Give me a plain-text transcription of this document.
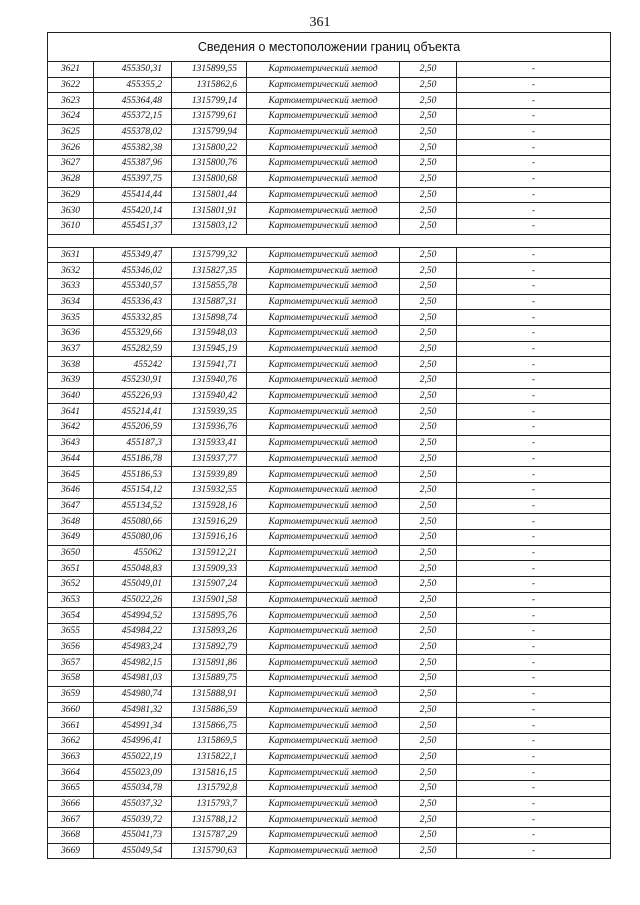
361
Сведения о местоположении границ объекта					
3621	455350,31	1315899,55	Картометрический метод	2,50	-
3622	455355,2	1315862,6	Картометрический метод	2,50	-
3623	455364,48	1315799,14	Картометрический метод	2,50	-
3624	455372,15	1315799,61	Картометрический метод	2,50	-
3625	455378,02	1315799,94	Картометрический метод	2,50	-
3626	455382,38	1315800,22	Картометрический метод	2,50	-
3627	455387,96	1315800,76	Картометрический метод	2,50	-
3628	455397,75	1315800,68	Картометрический метод	2,50	-
3629	455414,44	1315801,44	Картометрический метод	2,50	-
3630	455420,14	1315801,91	Картометрический метод	2,50	-
3610	455451,37	1315803,12	Картометрический метод	2,50	-

3631	455349,47	1315799,32	Картометрический метод	2,50	-
3632	455346,02	1315827,35	Картометрический метод	2,50	-
3633	455340,57	1315855,78	Картометрический метод	2,50	-
3634	455336,43	1315887,31	Картометрический метод	2,50	-
3635	455332,85	1315898,74	Картометрический метод	2,50	-
3636	455329,66	1315948,03	Картометрический метод	2,50	-
3637	455282,59	1315945,19	Картометрический метод	2,50	-
3638	455242	1315941,71	Картометрический метод	2,50	-
3639	455230,91	1315940,76	Картометрический метод	2,50	-
3640	455226,93	1315940,42	Картометрический метод	2,50	-
3641	455214,41	1315939,35	Картометрический метод	2,50	-
3642	455206,59	1315936,76	Картометрический метод	2,50	-
3643	455187,3	1315933,41	Картометрический метод	2,50	-
3644	455186,78	1315937,77	Картометрический метод	2,50	-
3645	455186,53	1315939,89	Картометрический метод	2,50	-
3646	455154,12	1315932,55	Картометрический метод	2,50	-
3647	455134,52	1315928,16	Картометрический метод	2,50	-
3648	455080,66	1315916,29	Картометрический метод	2,50	-
3649	455080,06	1315916,16	Картометрический метод	2,50	-
3650	455062	1315912,21	Картометрический метод	2,50	-
3651	455048,83	1315909,33	Картометрический метод	2,50	-
3652	455049,01	1315907,24	Картометрический метод	2,50	-
3653	455022,26	1315901,58	Картометрический метод	2,50	-
3654	454994,52	1315895,76	Картометрический метод	2,50	-
3655	454984,22	1315893,26	Картометрический метод	2,50	-
3656	454983,24	1315892,79	Картометрический метод	2,50	-
3657	454982,15	1315891,86	Картометрический метод	2,50	-
3658	454981,03	1315889,75	Картометрический метод	2,50	-
3659	454980,74	1315888,91	Картометрический метод	2,50	-
3660	454981,32	1315886,59	Картометрический метод	2,50	-
3661	454991,34	1315866,75	Картометрический метод	2,50	-
3662	454996,41	1315869,5	Картометрический метод	2,50	-
3663	455022,19	1315822,1	Картометрический метод	2,50	-
3664	455023,09	1315816,15	Картометрический метод	2,50	-
3665	455034,78	1315792,8	Картометрический метод	2,50	-
3666	455037,32	1315793,7	Картометрический метод	2,50	-
3667	455039,72	1315788,12	Картометрический метод	2,50	-
3668	455041,73	1315787,29	Картометрический метод	2,50	-
3669	455049,54	1315790,63	Картометрический метод	2,50	-
